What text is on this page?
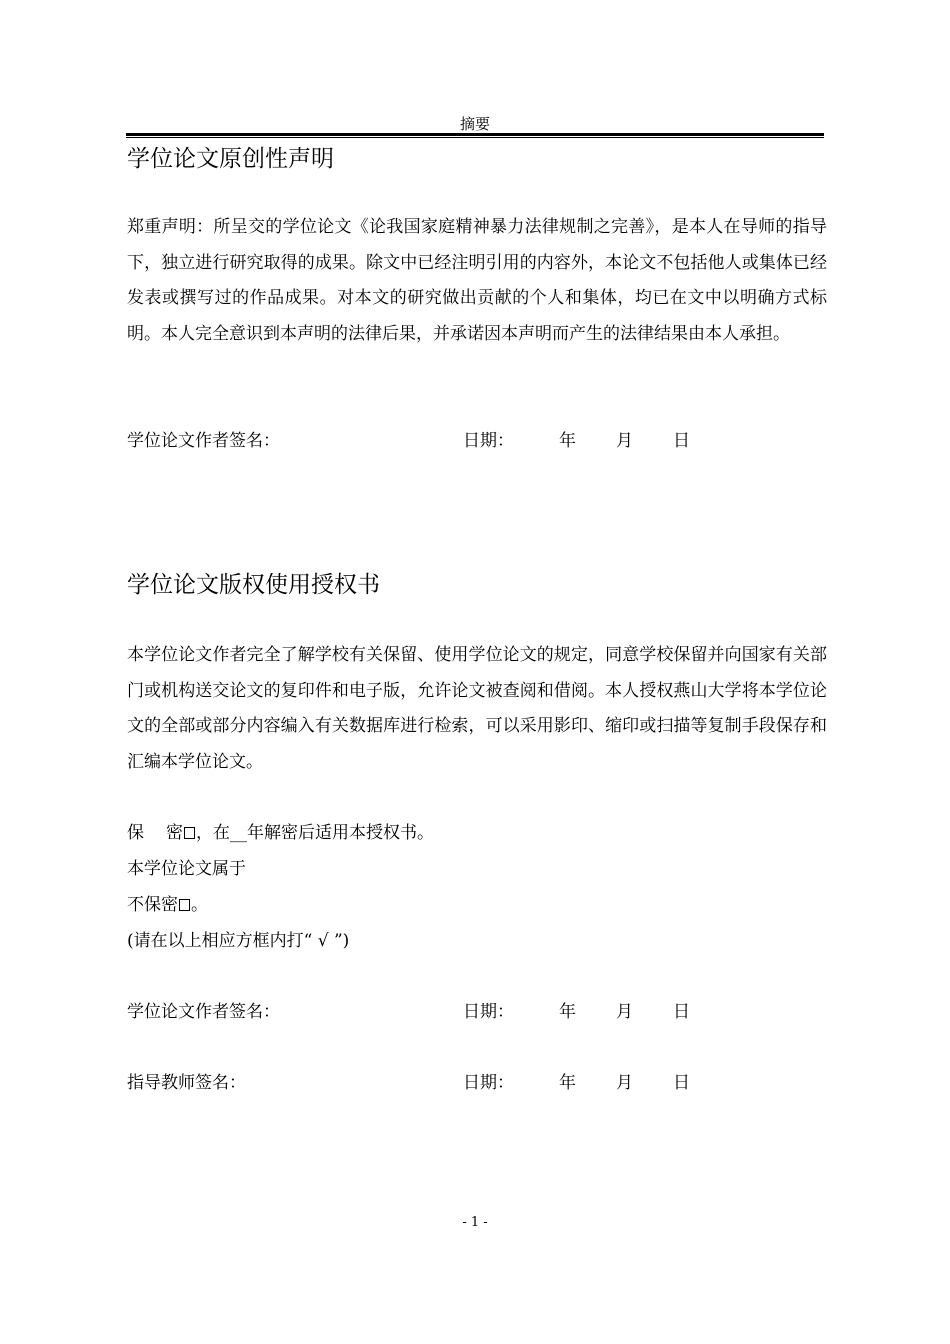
摘要
学位论文原创性声明
郑重声明：所呈交的学位论文《论我国家庭精神暴力法律规制之完善》，是本人在导师的指导下，独立进行研究取得的成果。除文中已经注明引用的内容外，本论文不包括他人或集体已经发表或撰写过的作品成果。对本文的研究做出贡献的个人和集体，均已在文中以明确方式标明。本人完全意识到本声明的法律后果，并承诺因本声明而产生的法律结果由本人承担。
学位论文作者签名：	日期：	年 月 日
学位论文版权使用授权书
本学位论文作者完全了解学校有关保留、使用学位论文的规定，同意学校保留并向国家有关部门或机构送交论文的复印件和电子版，允许论文被查阅和借阅。本人授权燕山大学将本学位论文的全部或部分内容编入有关数据库进行检索，可以采用影印、缩印或扫描等复制手段保存和汇编本学位论文。
保 密 ，在__年解密后适用本授权书。
本学位论文属于
不保密 。
(请在以上相应方框内打“ √ ”)
学位论文作者签名：	日期：	年 月 日
指导教师签名：	日期：	年 月 日
- 1 -
